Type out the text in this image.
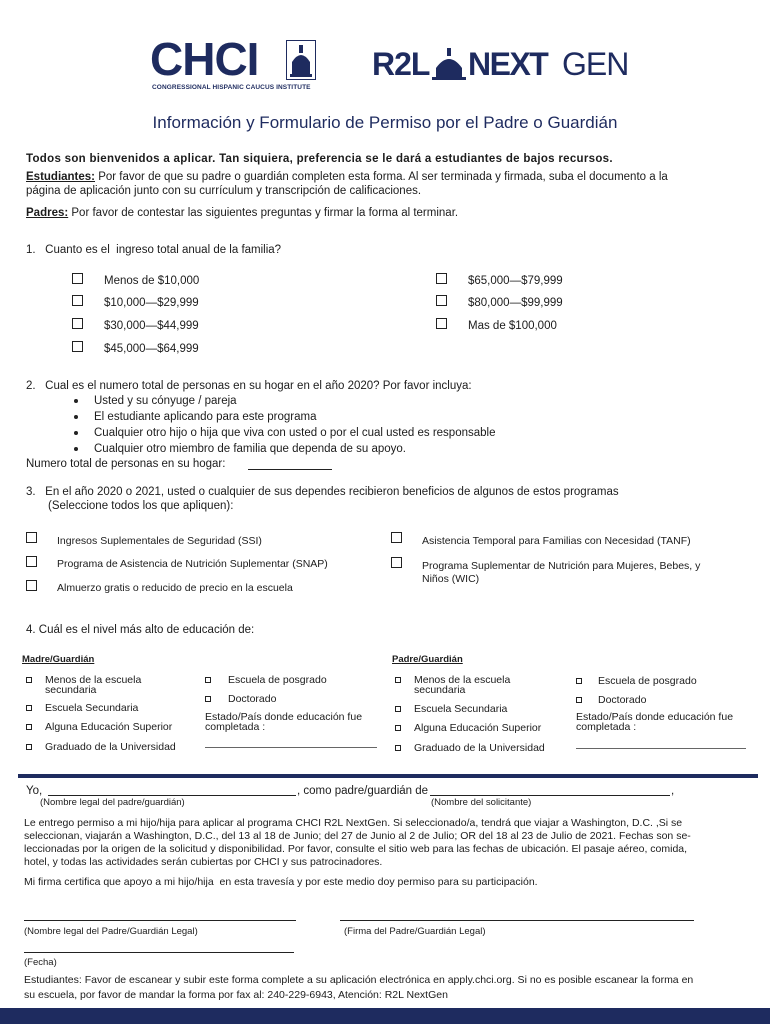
CHCI
CONGRESSIONAL HISPANIC CAUCUS INSTITUTE
R2L NEXT GEN
Información y Formulario de Permiso por el Padre o Guardián
Todos son bienvenidos a aplicar. Tan siquiera, preferencia se le dará a estudiantes de bajos recursos.
Estudiantes: Por favor de que su padre o guardián completen esta forma. Al ser terminada y firmada, suba el documento a la
página de aplicación junto con su currículum y transcripción de calificaciones.
Padres: Por favor de contestar las siguientes preguntas y firmar la forma al terminar.
1.   Cuanto es el  ingreso total anual de la familia?
Menos de $10,000
$10,000—$29,999
$30,000—$44,999
$45,000—$64,999
$65,000—$79,999
$80,000—$99,999
Mas de $100,000
2.   Cual es el numero total de personas en su hogar en el año 2020? Por favor incluya:
Usted y su cónyuge / pareja
El estudiante aplicando para este programa
Cualquier otro hijo o hija que viva con usted o por el cual usted es responsable
Cualquier otro miembro de familia que dependa de su apoyo.
Numero total de personas en su hogar:
3.   En el año 2020 o 2021, usted o cualquier de sus dependes recibieron beneficios de algunos de estos programas
(Seleccione todos los que apliquen):
Ingresos Suplementales de Seguridad (SSI)
Programa de Asistencia de Nutrición Suplementar (SNAP)
Almuerzo gratis o reducido de precio en la escuela
Asistencia Temporal para Familias con Necesidad (TANF)
Programa Suplementar de Nutrición para Mujeres, Bebes, y
Niños (WIC)
4. Cuál es el nivel más alto de educación de:
Madre/Guardián
Menos de la escuela
secundaria
Escuela Secundaria
Alguna Educación Superior
Graduado de la Universidad
Escuela de posgrado
Doctorado
Estado/País donde educación fue
completada :
Padre/Guardián
Menos de la escuela
secundaria
Escuela Secundaria
Alguna Educación Superior
Graduado de la Universidad
Escuela de posgrado
Doctorado
Estado/País donde educación fue
completada :
Yo,	, como padre/guardián de	,
(Nombre legal del padre/guardián)	(Nombre del solicitante)
Le entrego permiso a mi hijo/hija para aplicar al programa CHCI R2L NextGen. Si seleccionado/a, tendrá que viajar a Washington, D.C. ,Si se
seleccionan, viajarán a Washington, D.C., del 13 al 18 de Junio; del 27 de Junio al 2 de Julio; OR del 18 al 23 de Julio de 2021. Fechas son se-
leccionadas por la origen de la solicitud y disponibilidad. Por favor, consulte el sitio web para las fechas de ubicación. El pasaje aéreo, comida,
hotel, y todas las actividades serán cubiertas por CHCI y sus patrocinadores.
Mi firma certifica que apoyo a mi hijo/hija  en esta travesía y por este medio doy permiso para su participación.
(Nombre legal del Padre/Guardián Legal)	(Firma del Padre/Guardián Legal)
(Fecha)
Estudiantes: Favor de escanear y subir este forma complete a su aplicación electrónica en apply.chci.org. Si no es posible escanear la forma en
su escuela, por favor de mandar la forma por fax al: 240-229-6943, Atención: R2L NextGen
